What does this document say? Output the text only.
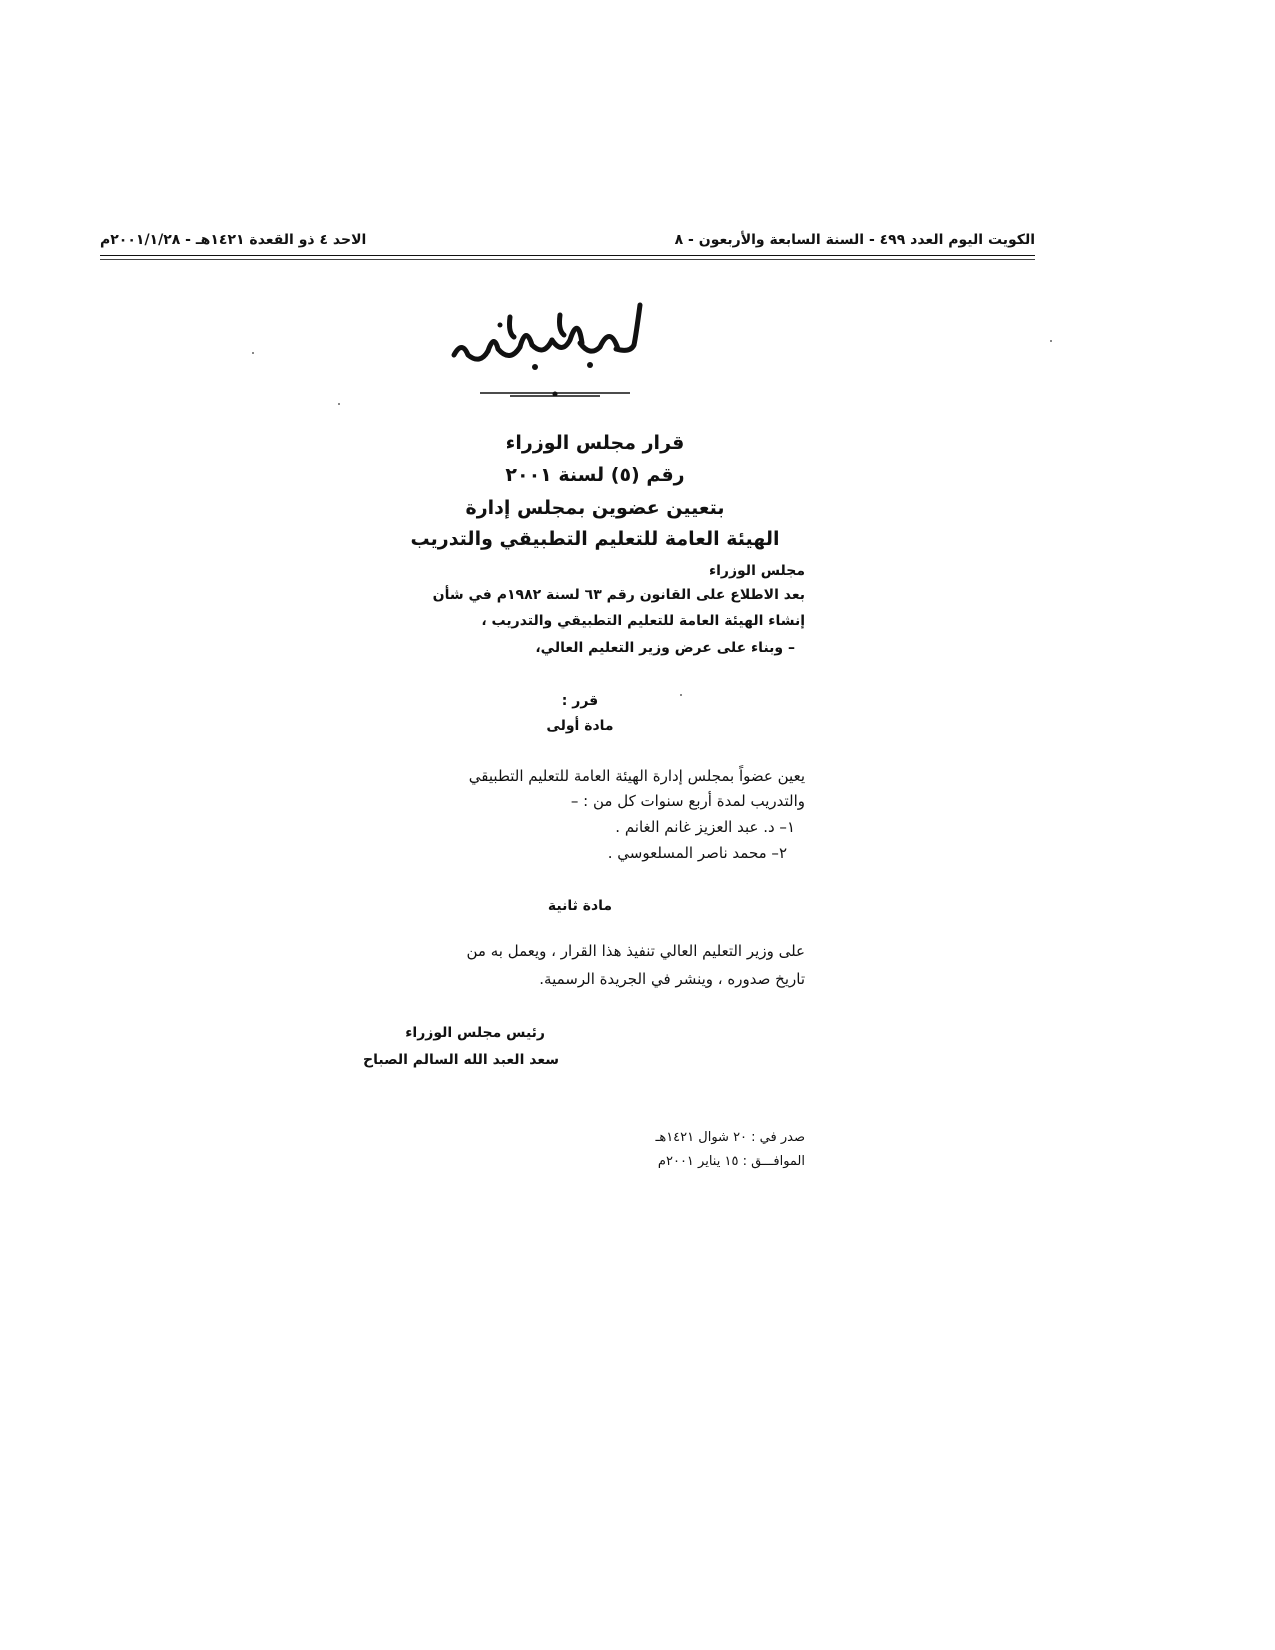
الكويت اليوم العدد ٤٩٩ - السنة السابعة والأربعون - ٨
الاحد ٤ ذو القعدة ١٤٢١هـ - ٢٠٠١/١/٢٨م
قرار مجلس الوزراء
رقم (٥) لسنة ٢٠٠١
بتعيين عضوين بمجلس إدارة
الهيئة العامة للتعليم التطبيقي والتدريب
مجلس الوزراء
بعد الاطلاع على القانون رقم ٦٣ لسنة ١٩٨٢م في شأن
إنشاء الهيئة العامة للتعليم التطبيقي والتدريب ،
– وبناء على عرض وزير التعليم العالي،
قرر :
مادة أولى
يعين عضواً بمجلس إدارة الهيئة العامة للتعليم التطبيقي
والتدريب لمدة أربع سنوات كل من : –
١– د. عبد العزيز غانم الغانم .
٢– محمد ناصر المسلعوسي .
مادة ثانية
على وزير التعليم العالي تنفيذ هذا القرار ، ويعمل به من
تاريخ صدوره ، وينشر في الجريدة الرسمية.
رئيس مجلس الوزراء
سعد العبد الله السالم الصباح
صدر في : ٢٠ شوال ١٤٢١هـ
الموافـــق : ١٥ يناير ٢٠٠١م
